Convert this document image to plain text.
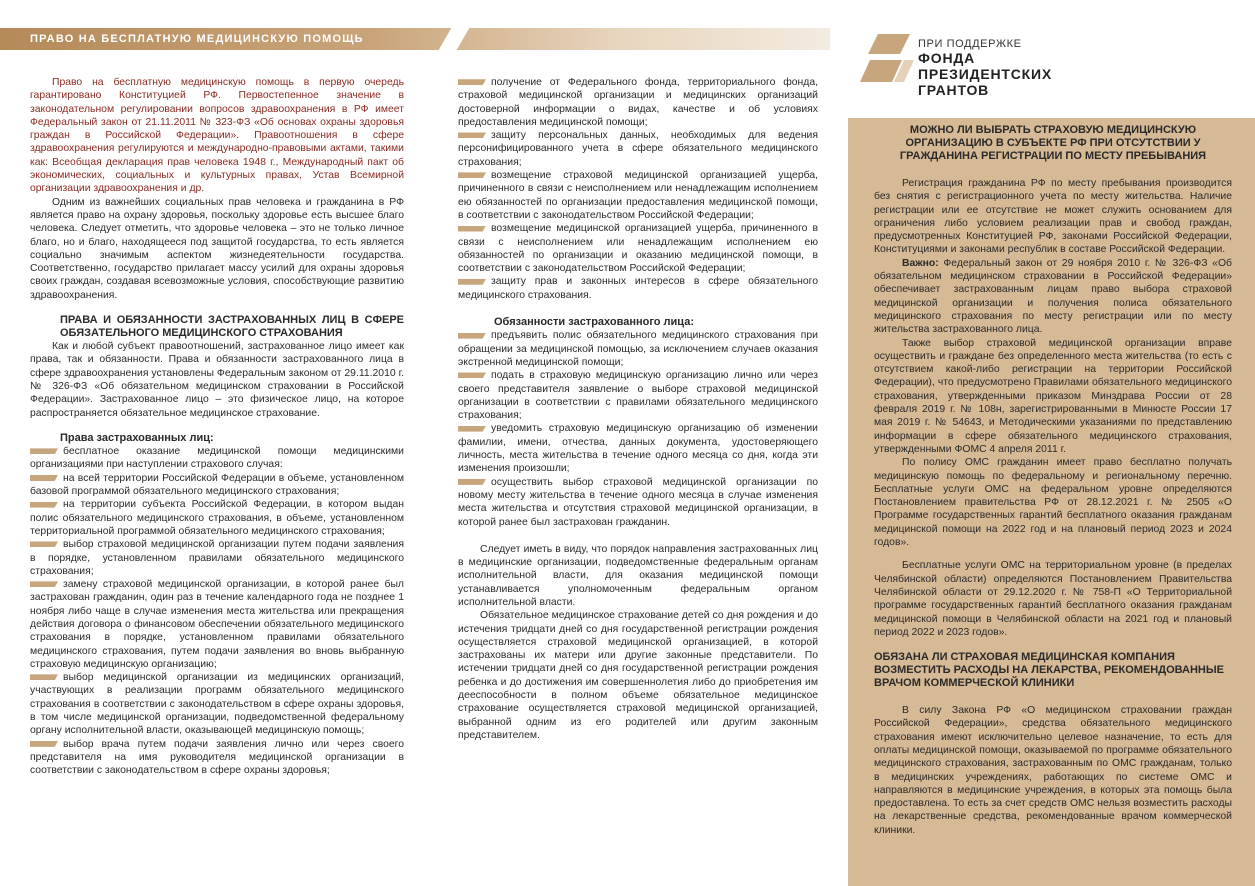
ПРАВО НА БЕСПЛАТНУЮ МЕДИЦИНСКУЮ ПОМОЩЬ	ПРИ ПОДДЕРЖКЕ
ФОНДА
ПРЕЗИДЕНТСКИХ
ГРАНТОВ

Право на бесплатную медицинскую помощь в первую очередь гарантировано Конституцией РФ. Первостепенное значение в законодательном регулировании вопросов здравоохранения в РФ имеет Федеральный закон от 21.11.2011 № 323-ФЗ «Об основах охраны здоровья граждан в Российской Федерации». Правоотношения в сфере здравоохранения регулируются и международно-правовыми актами, такими как: Всеобщая декларация прав человека 1948 г., Международный пакт об экономических, социальных и культурных правах, Устав Всемирной организации здравоохранения и др.

Одним из важнейших социальных прав человека и гражданина в РФ является право на охрану здоровья, поскольку здоровье есть высшее благо человека. Следует отметить, что здоровье человека – это не только личное благо, но и благо, находящееся под защитой государства, то есть является социально значимым аспектом жизнедеятельности государства. Соответственно, государство прилагает массу усилий для охраны здоровья своих граждан, создавая всевозможные условия, способствующие развитию здравоохранения.

ПРАВА И ОБЯЗАННОСТИ ЗАСТРАХОВАННЫХ ЛИЦ В СФЕРЕ ОБЯЗАТЕЛЬНОГО МЕДИЦИНСКОГО СТРАХОВАНИЯ

Как и любой субъект правоотношений, застрахованное лицо имеет как права, так и обязанности. Права и обязанности застрахованного лица в сфере здравоохранения установлены Федеральным законом от 29.11.2010 г. № 326-ФЗ «Об обязательном медицинском страховании в Российской Федерации». Застрахованное лицо – это физическое лицо, на которое распространяется обязательное медицинское страхование.

Права застрахованных лиц:

бесплатное оказание медицинской помощи медицинскими организациями при наступлении страхового случая:

на всей территории Российской Федерации в объеме, установленном базовой программой обязательного медицинского страхования;

на территории субъекта Российской Федерации, в котором выдан полис обязательного медицинского страхования, в объеме, установленном территориальной программой обязательного медицинского страхования;

выбор страховой медицинской организации путем подачи заявления в порядке, установленном правилами обязательного медицинского страхования;

замену страховой медицинской организации, в которой ранее был застрахован гражданин, один раз в течение календарного года не позднее 1 ноября либо чаще в случае изменения места жительства или прекращения действия договора о финансовом обеспечении обязательного медицинского страхования в порядке, установленном правилами обязательного медицинского страхования, путем подачи заявления во вновь выбранную страховую медицинскую организацию;

выбор медицинской организации из медицинских организаций, участвующих в реализации программ обязательного медицинского страхования в соответствии с законодательством в сфере охраны здоровья, в том числе медицинской организации, подведомственной федеральному органу исполнительной власти, оказывающей медицинскую помощь;

выбор врача путем подачи заявления лично или через своего представителя на имя руководителя медицинской организации в соответствии с законодательством в сфере охраны здоровья;

получение от Федерального фонда, территориального фонда, страховой медицинской организации и медицинских организаций достоверной информации о видах, качестве и об условиях предоставления медицинской помощи;

защиту персональных данных, необходимых для ведения персонифицированного учета в сфере обязательного медицинского страхования;

возмещение страховой медицинской организацией ущерба, причиненного в связи с неисполнением или ненадлежащим исполнением ею обязанностей по организации предоставления медицинской помощи, в соответствии с законодательством Российской Федерации;

возмещение медицинской организацией ущерба, причиненного в связи с неисполнением или ненадлежащим исполнением ею обязанностей по организации и оказанию медицинской помощи, в соответствии с законодательством Российской Федерации;

защиту прав и законных интересов в сфере обязательного медицинского страхования.

Обязанности застрахованного лица:

предъявить полис обязательного медицинского страхования при обращении за медицинской помощью, за исключением случаев оказания экстренной медицинской помощи;

подать в страховую медицинскую организацию лично или через своего представителя заявление о выборе страховой медицинской организации в соответствии с правилами обязательного медицинского страхования;

уведомить страховую медицинскую организацию об изменении фамилии, имени, отчества, данных документа, удостоверяющего личность, места жительства в течение одного месяца со дня, когда эти изменения произошли;

осуществить выбор страховой медицинской организации по новому месту жительства в течение одного месяца в случае изменения места жительства и отсутствия страховой медицинской организации, в которой ранее был застрахован гражданин.

Следует иметь в виду, что порядок направления застрахованных лиц в медицинские организации, подведомственные федеральным органам исполнительной власти, для оказания медицинской помощи устанавливается уполномоченным федеральным органом исполнительной власти.

Обязательное медицинское страхование детей со дня рождения и до истечения тридцати дней со дня государственной регистрации рождения осуществляется страховой медицинской организацией, в которой застрахованы их матери или другие законные представители. По истечении тридцати дней со дня государственной регистрации рождения ребенка и до достижения им совершеннолетия либо до приобретения им дееспособности в полном объеме обязательное медицинское страхование осуществляется страховой медицинской организацией, выбранной одним из его родителей или другим законным представителем.

МОЖНО ЛИ ВЫБРАТЬ СТРАХОВУЮ МЕДИЦИНСКУЮ ОРГАНИЗАЦИЮ В СУБЪЕКТЕ РФ ПРИ ОТСУТСТВИИ У ГРАЖДАНИНА РЕГИСТРАЦИИ ПО МЕСТУ ПРЕБЫВАНИЯ

Регистрация гражданина РФ по месту пребывания производится без снятия с регистрационного учета по месту жительства. Наличие регистрации или ее отсутствие не может служить основанием для ограничения либо условием реализации прав и свобод граждан, предусмотренных Конституцией РФ, законами Российской Федерации, Конституциями и законами республик в составе Российской Федерации.

Важно: Федеральный закон от 29 ноября 2010 г. № 326-ФЗ «Об обязательном медицинском страховании в Российской Федерации» обеспечивает застрахованным лицам право выбора страховой медицинской организации и получения полиса обязательного медицинского страхования по месту регистрации или по месту жительства застрахованного лица.

Также выбор страховой медицинской организации вправе осуществить и граждане без определенного места жительства (то есть с отсутствием какой-либо регистрации на территории Российской Федерации), что предусмотрено Правилами обязательного медицинского страхования, утвержденными приказом Минздрава России от 28 февраля 2019 г. № 108н, зарегистрированными в Минюсте России 17 мая 2019 г. № 54643, и Методическими указаниями по представлению информации в сфере обязательного медицинского страхования, утвержденными ФОМС 4 апреля 2011 г.

По полису ОМС гражданин имеет право бесплатно получать медицинскую помощь по федеральному и региональному перечню. Бесплатные услуги ОМС на федеральном уровне определяются Постановлением правительства РФ от 28.12.2021 г. № 2505 «О Программе государственных гарантий бесплатного оказания гражданам медицинской помощи на 2022 год и на плановый период 2023 и 2024 годов».

Бесплатные услуги ОМС на территориальном уровне (в пределах Челябинской области) определяются Постановлением Правительства Челябинской области от 29.12.2020 г. № 758-П «О Территориальной программе государственных гарантий бесплатного оказания гражданам медицинской помощи в Челябинской области на 2021 год и плановый период 2022 и 2023 годов».

ОБЯЗАНА ЛИ СТРАХОВАЯ МЕДИЦИНСКАЯ КОМПАНИЯ ВОЗМЕСТИТЬ РАСХОДЫ НА ЛЕКАРСТВА, РЕКОМЕНДОВАННЫЕ ВРАЧОМ КОММЕРЧЕСКОЙ КЛИНИКИ

В силу Закона РФ «О медицинском страховании граждан Российской Федерации», средства обязательного медицинского страхования имеют исключительно целевое назначение, то есть для оплаты медицинской помощи, оказываемой по программе обязательного медицинского страхования, застрахованным по ОМС гражданам, только в медицинских учреждениях, работающих по системе ОМС и направляются в медицинские учреждения, в которых эта помощь была предоставлена. То есть за счет средств ОМС нельзя возместить расходы на лекарственные средства, рекомендованные врачом коммерческой клиники.
